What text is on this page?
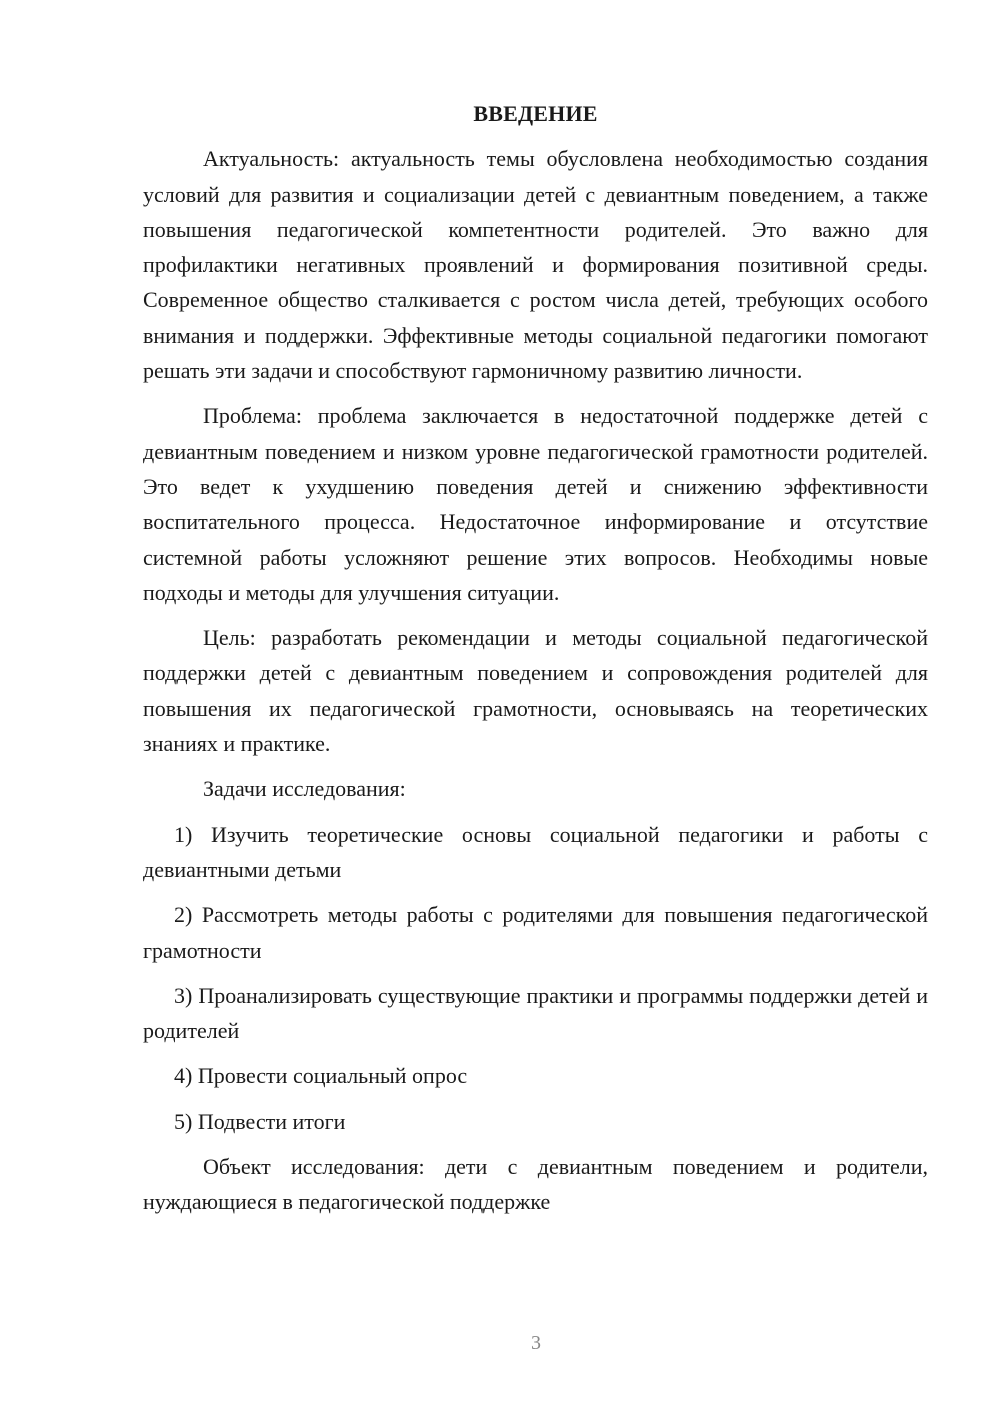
ВВЕДЕНИЕ

Актуальность: актуальность темы обусловлена необходимостью создания условий для развития и социализации детей с девиантным поведением, а также повышения педагогической компетентности родителей. Это важно для профилактики негативных проявлений и формирования позитивной среды. Современное общество сталкивается с ростом числа детей, требующих особого внимания и поддержки. Эффективные методы социальной педагогики помогают решать эти задачи и способствуют гармоничному развитию личности.

Проблема: проблема заключается в недостаточной поддержке детей с девиантным поведением и низком уровне педагогической грамотности родителей. Это ведет к ухудшению поведения детей и снижению эффективности воспитательного процесса. Недостаточное информирование и отсутствие системной работы усложняют решение этих вопросов. Необходимы новые подходы и методы для улучшения ситуации.

Цель: разработать рекомендации и методы социальной педагогической поддержки детей с девиантным поведением и сопровождения родителей для повышения их педагогической грамотности, основываясь на теоретических знаниях и практике.

Задачи исследования:

1) Изучить теоретические основы социальной педагогики и работы с девиантными детьми

2) Рассмотреть методы работы с родителями для повышения педагогической грамотности

3) Проанализировать существующие практики и программы поддержки детей и родителей

4) Провести социальный опрос

5) Подвести итоги

Объект исследования: дети с девиантным поведением и родители, нуждающиеся в педагогической поддержке

3
